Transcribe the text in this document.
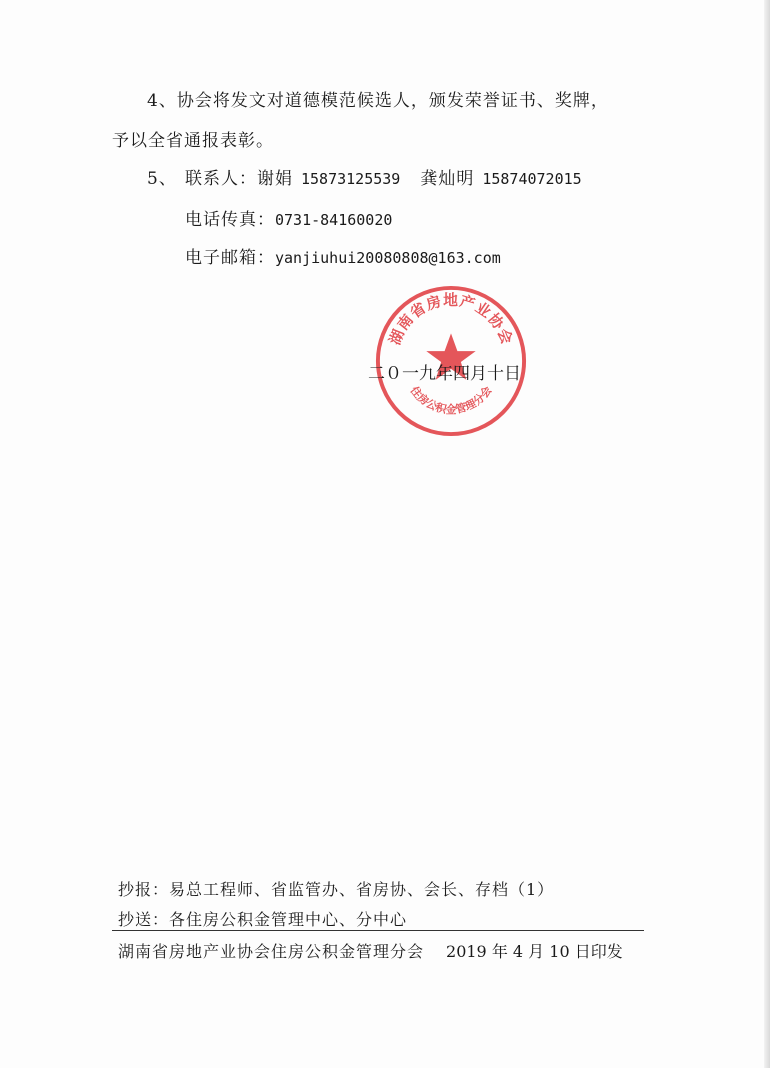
4、协会将发文对道德模范候选人，颁发荣誉证书、奖牌，
予以全省通报表彰。
5、 联系人：谢娟 15873125539 龚灿明 15874072015
电话传真：0731-84160020
电子邮箱：yanjiuhui20080808@163.com
湖南省房地产业协会
住房公积金管理分会
二０一九年四月十日
抄报：易总工程师、省监管办、省房协、会长、存档（1）
抄送：各住房公积金管理中心、分中心
湖南省房地产业协会住房公积金管理分会 2019 年 4 月 10 日印发
